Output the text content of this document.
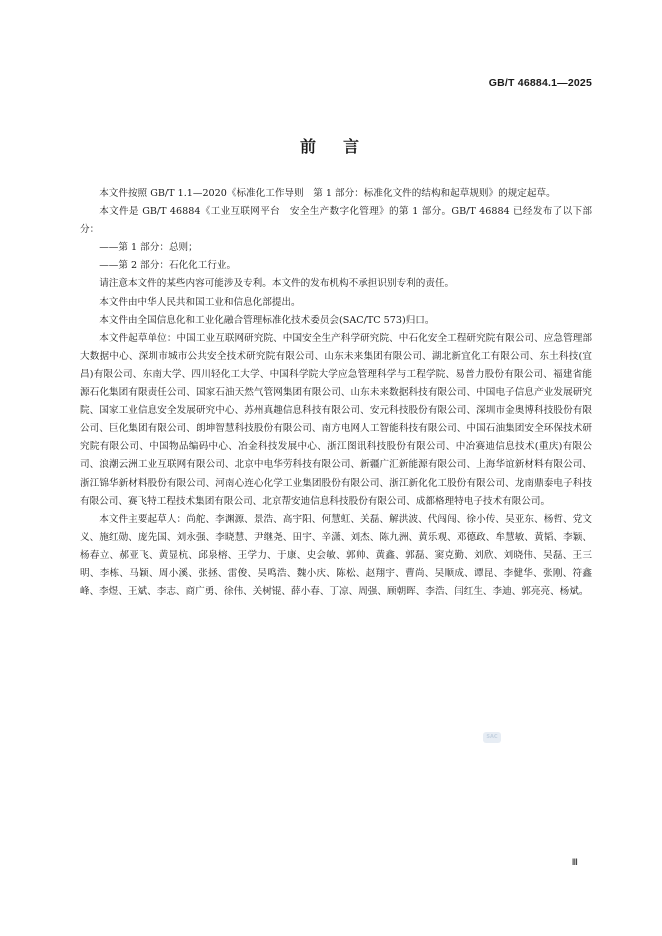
GB/T 46884.1—2025
前 言

本文件按照 GB/T 1.1—2020《标准化工作导则　第 1 部分：标准化文件的结构和起草规则》的规定起草。

本文件是 GB/T 46884《工业互联网平台　安全生产数字化管理》的第 1 部分。GB/T 46884 已经发布了以下部分：

——第 1 部分：总则；

——第 2 部分：石化化工行业。

请注意本文件的某些内容可能涉及专利。本文件的发布机构不承担识别专利的责任。

本文件由中华人民共和国工业和信息化部提出。

本文件由全国信息化和工业化融合管理标准化技术委员会(SAC/TC 573)归口。

本文件起草单位：中国工业互联网研究院、中国安全生产科学研究院、中石化安全工程研究院有限公司、应急管理部大数据中心、深圳市城市公共安全技术研究院有限公司、山东未来集团有限公司、湖北新宜化工有限公司、东土科技(宜昌)有限公司、东南大学、四川轻化工大学、中国科学院大学应急管理科学与工程学院、易普力股份有限公司、福建省能源石化集团有限责任公司、国家石油天然气管网集团有限公司、山东未来数据科技有限公司、中国电子信息产业发展研究院、国家工业信息安全发展研究中心、苏州真趣信息科技有限公司、安元科技股份有限公司、深圳市金奥博科技股份有限公司、巨化集团有限公司、朗坤智慧科技股份有限公司、南方电网人工智能科技有限公司、中国石油集团安全环保技术研究院有限公司、中国物品编码中心、冶金科技发展中心、浙江图讯科技股份有限公司、中冶赛迪信息技术(重庆)有限公司、浪潮云洲工业互联网有限公司、北京中电华劳科技有限公司、新疆广汇新能源有限公司、上海华谊新材料有限公司、浙江锦华新材料股份有限公司、河南心连心化学工业集团股份有限公司、浙江新化化工股份有限公司、龙南鼎泰电子科技有限公司、赛飞特工程技术集团有限公司、北京帮安迪信息科技股份有限公司、成都格理特电子技术有限公司。

本文件主要起草人：尚舵、李渊源、景浩、高宇阳、何慧虹、关磊、解洪波、代闯闯、徐小传、吴亚东、杨哲、党文义、施红勋、庞先国、刘永强、李晓慧、尹继尧、田宇、辛潇、刘杰、陈九洲、黄乐观、邓德政、牟慧敏、黄韬、李颖、杨春立、郝亚飞、黄显杭、邱泉榕、王学力、于康、史会敏、郭帅、黄鑫、郭磊、窦克勤、刘欣、刘晓伟、吴磊、王三明、李栋、马颖、周小溪、张拯、雷俊、吴鸣浩、魏小庆、陈松、赵翔宇、曹尚、吴顺成、谭昆、李健华、张刚、符鑫峰、李煜、王斌、李志、商广勇、徐伟、关树锟、薛小春、丁凉、周强、顾朝晖、李浩、闫红生、李迪、郭亮亮、杨斌。

SAC
Ⅲ
